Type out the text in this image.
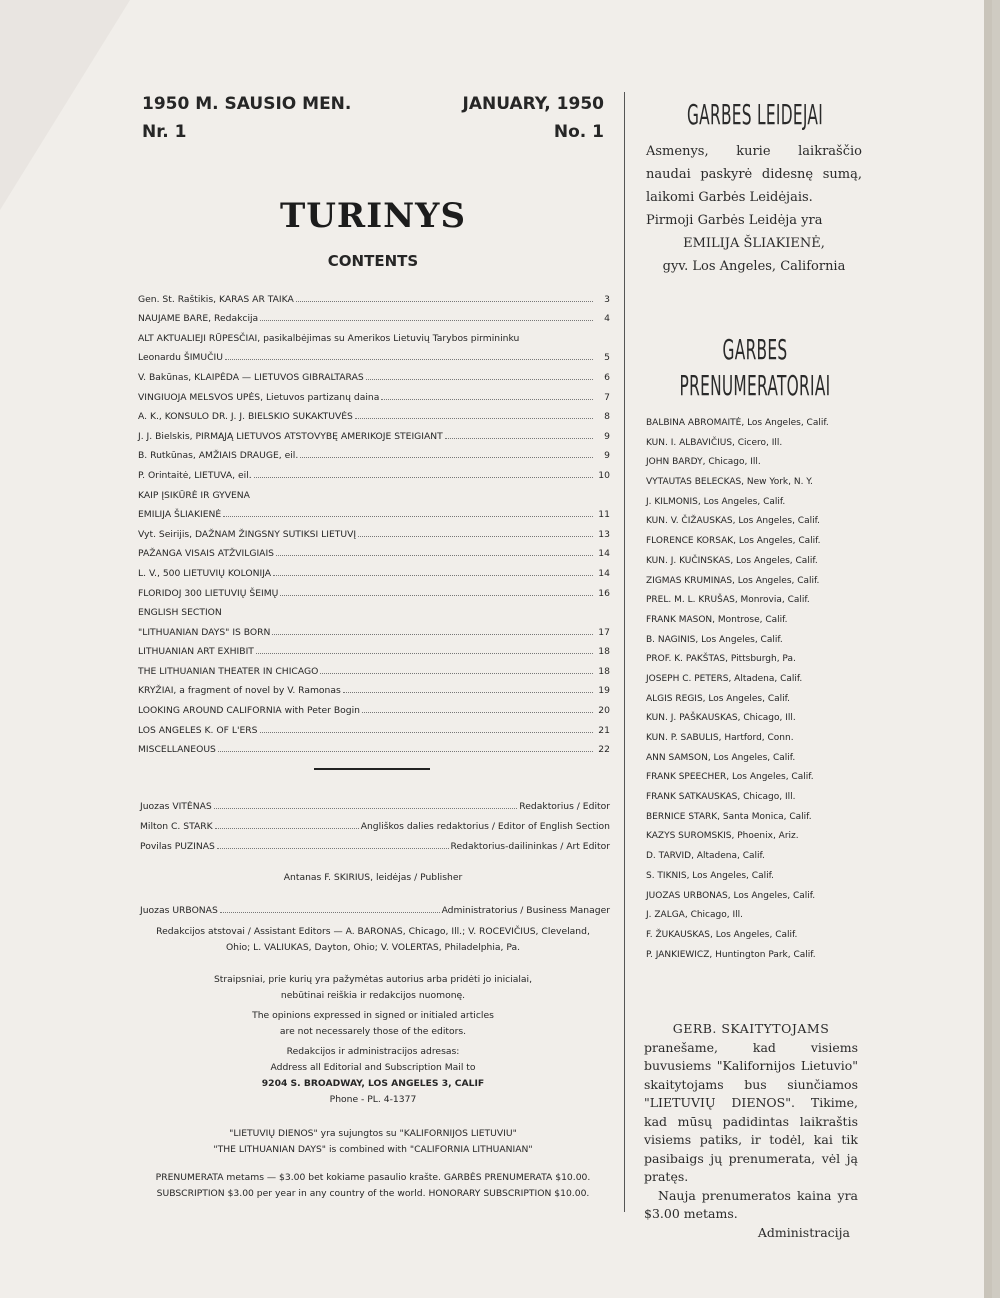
1950 M. SAUSIO MEN.
Nr. 1
JANUARY, 1950
No. 1
TURINYS
CONTENTS
Gen. St. Raštikis, KARAS AR TAIKA	3
NAUJAME BARE, Redakcija	4
ALT AKTUALIEJI RŪPESČIAI, pasikalbėjimas su Amerikos Lietuvių Tarybos pirmininku
Leonardu ŠIMUČIU	5
V. Bakūnas, KLAIPĖDA — LIETUVOS GIBRALTARAS	6
VINGIUOJA MELSVOS UPĖS, Lietuvos partizanų daina	7
A. K., KONSULO DR. J. J. BIELSKIO SUKAKTUVĖS	8
J. J. Bielskis, PIRMĄJĄ LIETUVOS ATSTOVYBĘ AMERIKOJE STEIGIANT	9
B. Rutkūnas, AMŽIAIS DRAUGE, eil.	9
P. Orintaitė, LIETUVA, eil.	10
KAIP ĮSIKŪRĖ IR GYVENA
EMILIJA ŠLIAKIENĖ	11
Vyt. Seirijis, DAŽNAM ŽINGSNY SUTIKSI LIETUVĮ	13
PAŽANGA VISAIS ATŽVILGIAIS	14
L. V., 500 LIETUVIŲ KOLONIJA	14
FLORIDOJ 300 LIETUVIŲ ŠEIMŲ	16
ENGLISH SECTION
"LITHUANIAN DAYS" IS BORN	17
LITHUANIAN ART EXHIBIT	18
THE LITHUANIAN THEATER IN CHICAGO	18
KRYŽIAI, a fragment of novel by V. Ramonas	19
LOOKING AROUND CALIFORNIA with Peter Bogin	20
LOS ANGELES K. OF L'ERS	21
MISCELLANEOUS	22
Juozas VITĖNAS	Redaktorius / Editor
Milton C. STARK	Angliškos dalies redaktorius / Editor of English Section
Povilas PUZINAS	Redaktorius-dailininkas / Art Editor
Antanas F. SKIRIUS, leidėjas / Publisher
Juozas URBONAS	Administratorius / Business Manager
Redakcijos atstovai / Assistant Editors — A. BARONAS, Chicago, Ill.; V. ROCEVIČIUS, Cleveland,
Ohio; L. VALIUKAS, Dayton, Ohio; V. VOLERTAS, Philadelphia, Pa.
Straipsniai, prie kurių yra pažymėtas autorius arba pridėti jo inicialai,
nebūtinai reiškia ir redakcijos nuomonę.
The opinions expressed in signed or initialed articles
are not necessarely those of the editors.
Redakcijos ir administracijos adresas:
Address all Editorial and Subscription Mail to
9204 S. BROADWAY, LOS ANGELES 3, CALIF
Phone - PL. 4-1377
"LIETUVIŲ DIENOS" yra sujungtos su "KALIFORNIJOS LIETUVIU"
"THE LITHUANIAN DAYS" is combined with "CALIFORNIA LITHUANIAN"
PRENUMERATA metams — $3.00 bet kokiame pasaulio krašte. GARBĖS PRENUMERATA $10.00.
SUBSCRIPTION $3.00 per year in any country of the world. HONORARY SUBSCRIPTION $10.00.
GARBES LEIDEJAI
Asmenys, kurie laikraščio naudai paskyrė didesnę sumą, laikomi Garbės Leidėjais.
Pirmoji Garbės Leidėja yra
EMILIJA ŠLIAKIENĖ,
gyv. Los Angeles, California
GARBES
PRENUMERATORIAI
BALBINA ABROMAITĖ, Los Angeles, Calif.
KUN. I. ALBAVIČIUS, Cicero, Ill.
JOHN BARDY, Chicago, Ill.
VYTAUTAS BELECKAS, New York, N. Y.
J. KILMONIS, Los Angeles, Calif.
KUN. V. ČIŽAUSKAS, Los Angeles, Calif.
FLORENCE KORSAK, Los Angeles, Calif.
KUN. J. KUČINSKAS, Los Angeles, Calif.
ZIGMAS KRUMINAS, Los Angeles, Calif.
PREL. M. L. KRUŠAS, Monrovia, Calif.
FRANK MASON, Montrose, Calif.
B. NAGINIS, Los Angeles, Calif.
PROF. K. PAKŠTAS, Pittsburgh, Pa.
JOSEPH C. PETERS, Altadena, Calif.
ALGIS REGIS, Los Angeles, Calif.
KUN. J. PAŠKAUSKAS, Chicago, Ill.
KUN. P. SABULIS, Hartford, Conn.
ANN SAMSON, Los Angeles, Calif.
FRANK SPEECHER, Los Angeles, Calif.
FRANK SATKAUSKAS, Chicago, Ill.
BERNICE STARK, Santa Monica, Calif.
KAZYS SUROMSKIS, Phoenix, Ariz.
D. TARVID, Altadena, Calif.
S. TIKNIS, Los Angeles, Calif.
JUOZAS URBONAS, Los Angeles, Calif.
J. ZALGA, Chicago, Ill.
F. ŽUKAUSKAS, Los Angeles, Calif.
P. JANKIEWICZ, Huntington Park, Calif.
GERB. SKAITYTOJAMS
pranešame, kad visiems buvusiems "Kalifornijos Lietuvio" skaitytojams bus siunčiamos "LIETUVIŲ DIENOS". Tikime, kad mūsų padidintas laikraštis visiems patiks, ir todėl, kai tik pasibaigs jų prenumerata, vėl ją pratęs.
Nauja prenumeratos kaina yra $3.00 metams.
Administracija
